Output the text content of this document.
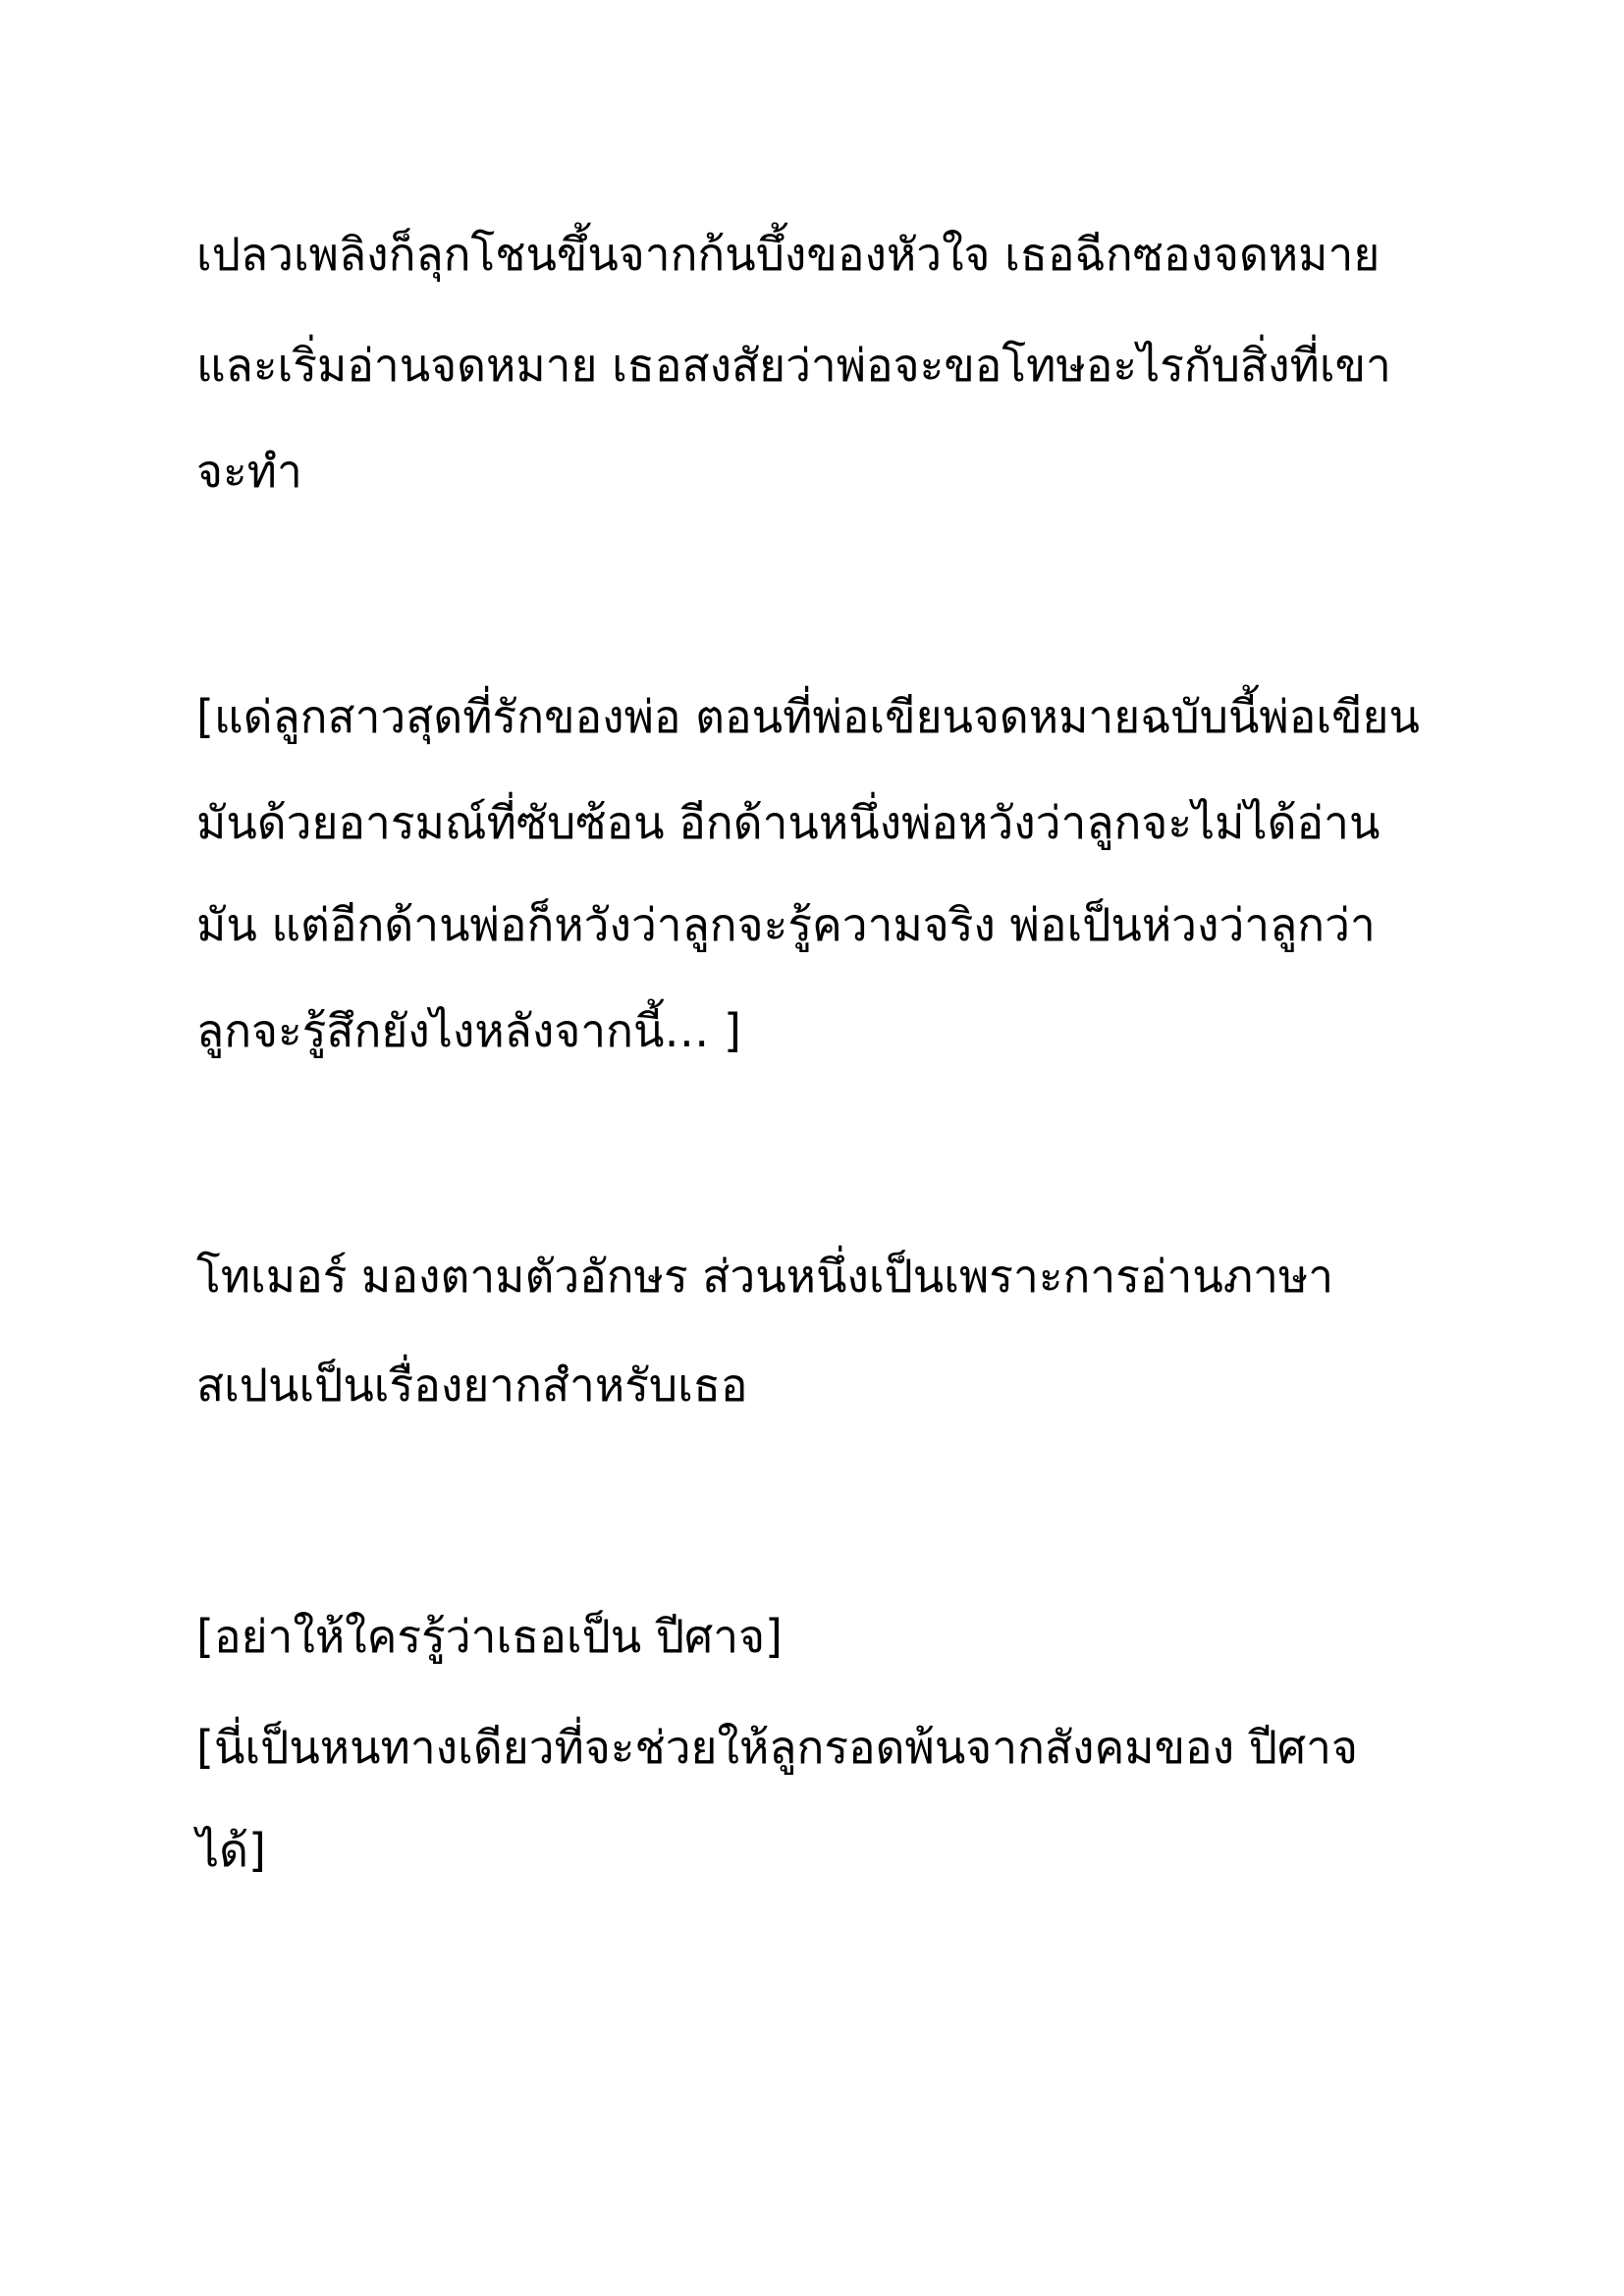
เปลวเพลิงก็ลุกโชนขึ้นจากก้นบึ้งของหัวใจ เธอฉีกซองจดหมาย

และเริ่มอ่านจดหมาย เธอสงสัยว่าพ่อจะขอโทษอะไรกับสิ่งที่เขา

จะทำ

[แด่ลูกสาวสุดที่รักของพ่อ ตอนที่พ่อเขียนจดหมายฉบับนี้พ่อเขียน

มันด้วยอารมณ์ที่ซับซ้อน อีกด้านหนึ่งพ่อหวังว่าลูกจะไม่ได้อ่าน

มัน แต่อีกด้านพ่อก็หวังว่าลูกจะรู้ความจริง พ่อเป็นห่วงว่าลูกว่า

ลูกจะรู้สึกยังไงหลังจากนี้… ]

โทเมอร์ มองตามตัวอักษร ส่วนหนึ่งเป็นเพราะการอ่านภาษา

สเปนเป็นเรื่องยากสำหรับเธอ

[อย่าให้ใครรู้ว่าเธอเป็น ปีศาจ]

[นี่เป็นหนทางเดียวที่จะช่วยให้ลูกรอดพ้นจากสังคมของ ปีศาจ

ได้]
